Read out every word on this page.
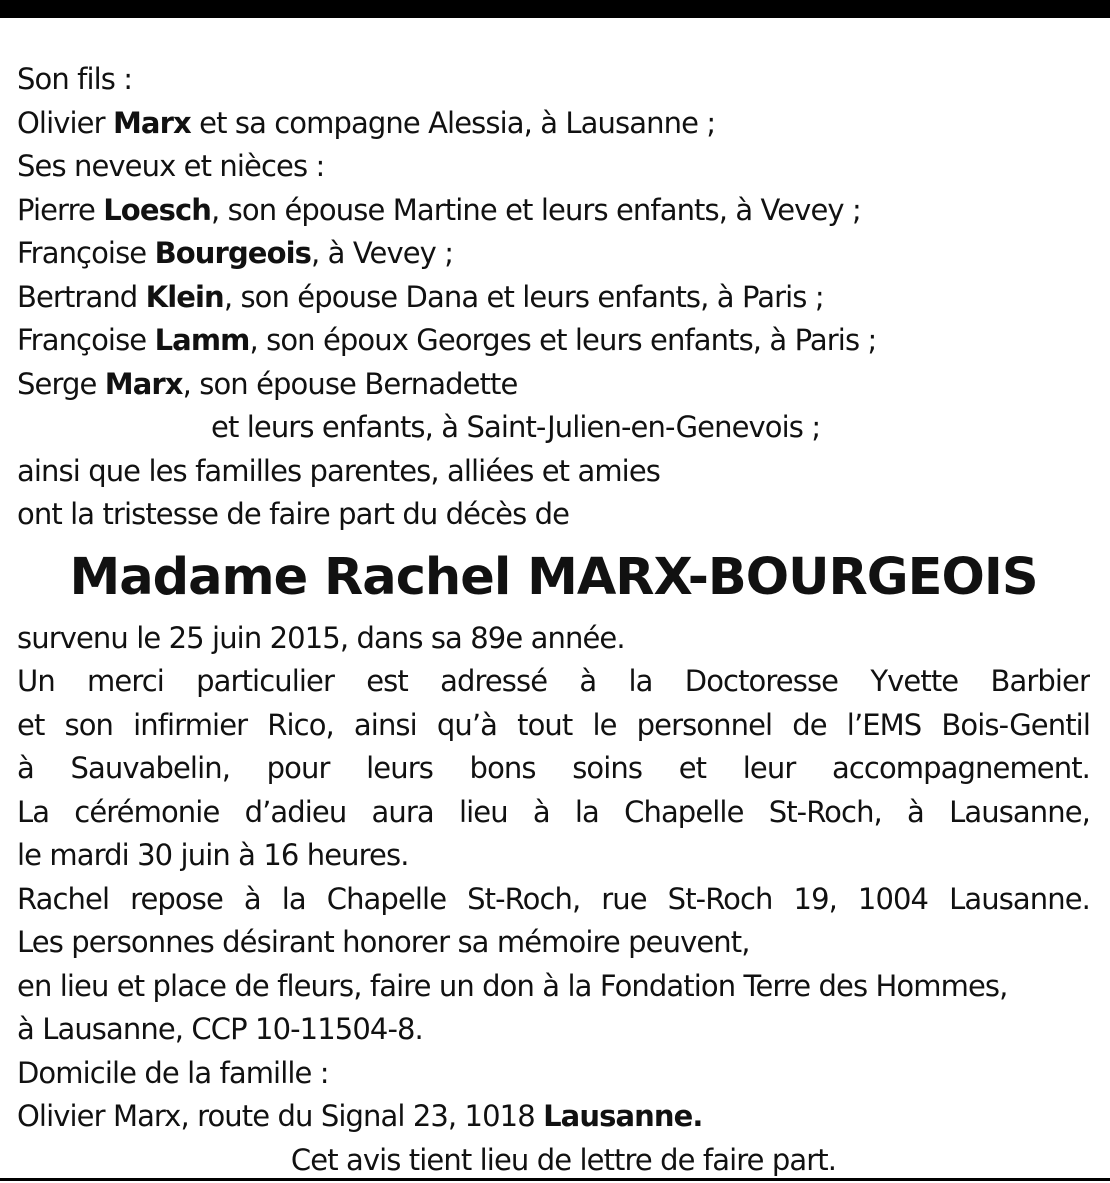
Son fils :
Olivier Marx et sa compagne Alessia, à Lausanne ;
Ses neveux et nièces :
Pierre Loesch, son épouse Martine et leurs enfants, à Vevey ;
Françoise Bourgeois, à Vevey ;
Bertrand Klein, son épouse Dana et leurs enfants, à Paris ;
Françoise Lamm, son époux Georges et leurs enfants, à Paris ;
Serge Marx, son épouse Bernadette
et leurs enfants, à Saint-Julien-en-Genevois ;
ainsi que les familles parentes, alliées et amies
ont la tristesse de faire part du décès de
Madame Rachel MARX-BOURGEOIS
survenu le 25 juin 2015, dans sa 89e année.
Un merci particulier est adressé à la Doctoresse Yvette Barbier
et son infirmier Rico, ainsi qu’à tout le personnel de l’EMS Bois-Gentil
à Sauvabelin, pour leurs bons soins et leur accompagnement.
La cérémonie d’adieu aura lieu à la Chapelle St-Roch, à Lausanne,
le mardi 30 juin à 16 heures.
Rachel repose à la Chapelle St-Roch, rue St-Roch 19, 1004 Lausanne.
Les personnes désirant honorer sa mémoire peuvent,
en lieu et place de fleurs, faire un don à la Fondation Terre des Hommes,
à Lausanne, CCP 10-11504-8.
Domicile de la famille :
Olivier Marx, route du Signal 23, 1018 Lausanne.
Cet avis tient lieu de lettre de faire part.
